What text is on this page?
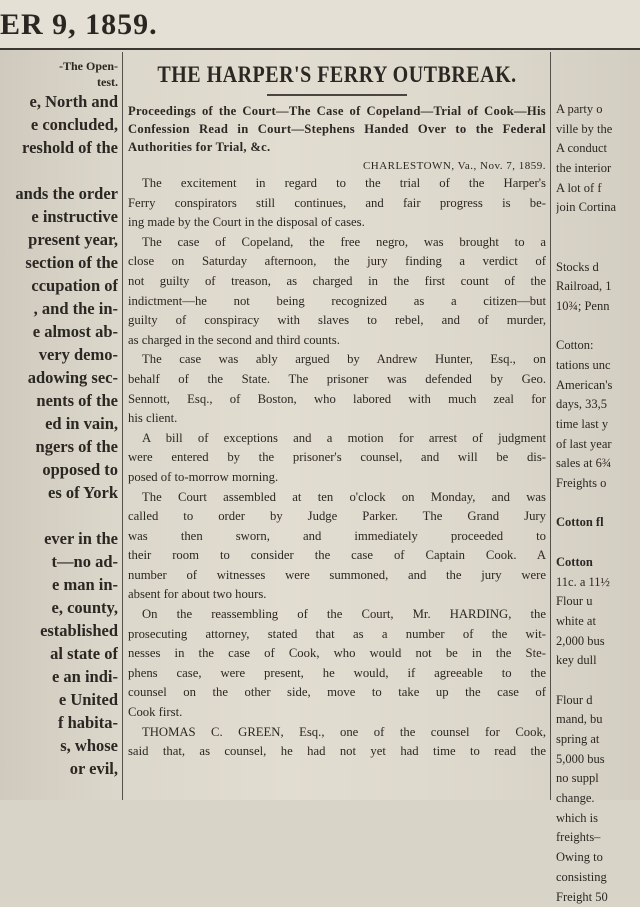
ER 9, 1859.
-The Open-
test.
e, North and
e concluded,
reshold of the
ands the order
e instructive
present year,
section of the
ccupation of
, and the in-
e almost ab-
very demo-
adowing sec-
nents of the
ed in vain,
ngers of the
opposed to
es of York
ever in the
t—no ad-
e man in-
e, county,
established
al state of
e an indi-
e United
f habita-
s, whose
or evil,
THE HARPER'S FERRY OUTBREAK.
Proceedings of the Court—The Case of Copeland—Trial of Cook—His Confession Read in Court—Stephens Handed Over to the Federal Authorities for Trial, &c.
CHARLESTOWN, Va., Nov. 7, 1859.
The excitement in regard to the trial of the Harper's
Ferry conspirators still continues, and fair progress is be-
ing made by the Court in the disposal of cases.
The case of Copeland, the free negro, was brought to a
close on Saturday afternoon, the jury finding a verdict of
not guilty of treason, as charged in the first count of the
indictment—he not being recognized as a citizen—but
guilty of conspiracy with slaves to rebel, and of murder,
as charged in the second and third counts.
The case was ably argued by Andrew Hunter, Esq., on
behalf of the State. The prisoner was defended by Geo.
Sennott, Esq., of Boston, who labored with much zeal for
his client.
A bill of exceptions and a motion for arrest of judgment
were entered by the prisoner's counsel, and will be dis-
posed of to-morrow morning.
The Court assembled at ten o'clock on Monday, and was
called to order by Judge Parker. The Grand Jury
was then sworn, and immediately proceeded to
their room to consider the case of Captain Cook. A
number of witnesses were summoned, and the jury were
absent for about two hours.
On the reassembling of the Court, Mr. HARDING, the
prosecuting attorney, stated that as a number of the wit-
nesses in the case of Cook, who would not be in the Ste-
phens case, were present, he would, if agreeable to the
counsel on the other side, move to take up the case of
Cook first.
THOMAS C. GREEN, Esq., one of the counsel for Cook,
said that, as counsel, he had not yet had time to read the
A party o
ville by the
A conduct
the interior
A lot of f
join Cortina
Stocks d
Railroad, 1
10¾; Penn
Cotton:
tations unc
American's
days, 33,5
time last y
of last year
sales at 6¾
Freights o
Cotton fl
Cotton
11c. a 11½
Flour u
white at
2,000 bus
key dull
Flour d
mand, bu
spring at
5,000 bus
no suppl
change.
which is
freights–
Owing to
consisting
Freight 50
